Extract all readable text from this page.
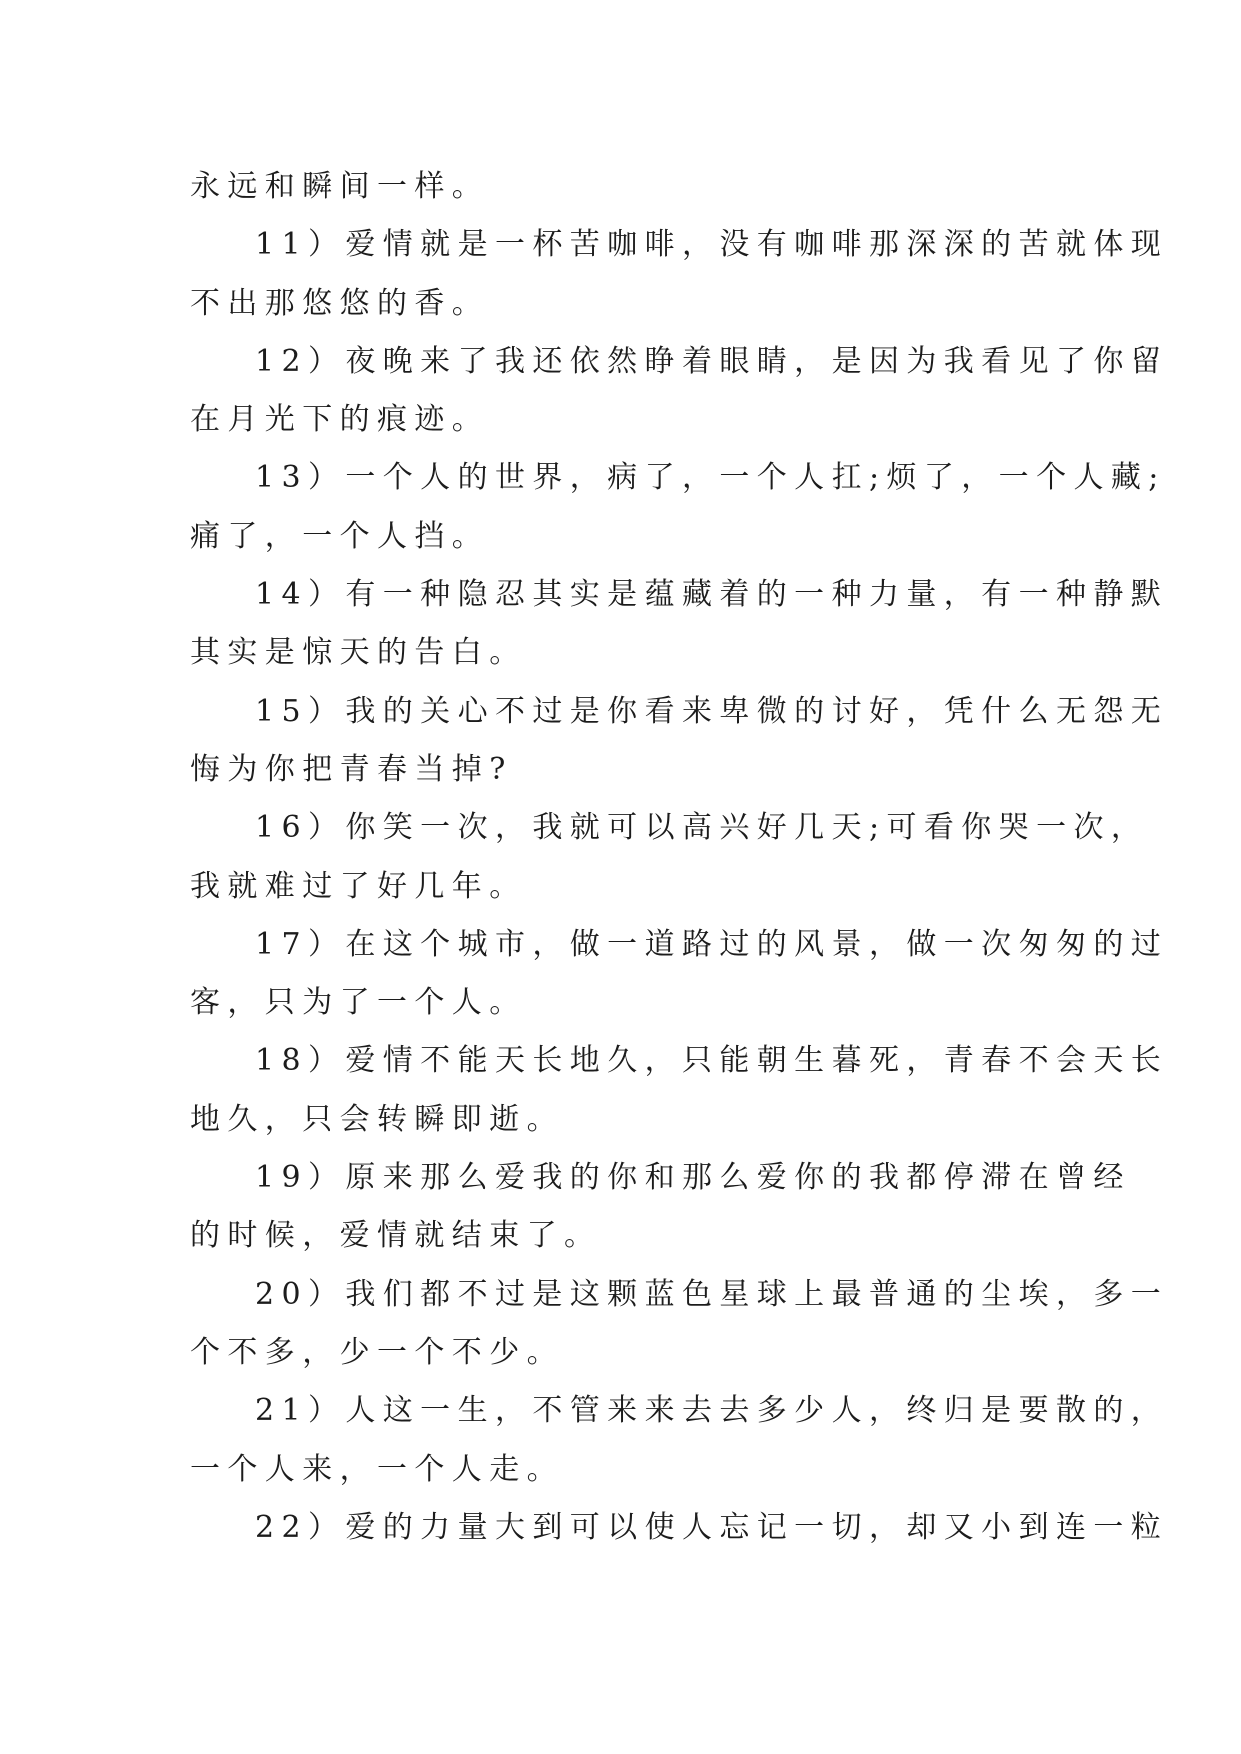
永远和瞬间一样。
11）爱情就是一杯苦咖啡，没有咖啡那深深的苦就体现
不出那悠悠的香。
12）夜晚来了我还依然睁着眼睛，是因为我看见了你留
在月光下的痕迹。
13）一个人的世界，病了，一个人扛;烦了，一个人藏;
痛了，一个人挡。
14）有一种隐忍其实是蕴藏着的一种力量，有一种静默
其实是惊天的告白。
15）我的关心不过是你看来卑微的讨好，凭什么无怨无
悔为你把青春当掉?
16）你笑一次，我就可以高兴好几天;可看你哭一次，
我就难过了好几年。
17）在这个城市，做一道路过的风景，做一次匆匆的过
客，只为了一个人。
18）爱情不能天长地久，只能朝生暮死，青春不会天长
地久，只会转瞬即逝。
19）原来那么爱我的你和那么爱你的我都停滞在曾经
的时候，爱情就结束了。
20）我们都不过是这颗蓝色星球上最普通的尘埃，多一
个不多，少一个不少。
21）人这一生，不管来来去去多少人，终归是要散的，
一个人来，一个人走。
22）爱的力量大到可以使人忘记一切，却又小到连一粒
